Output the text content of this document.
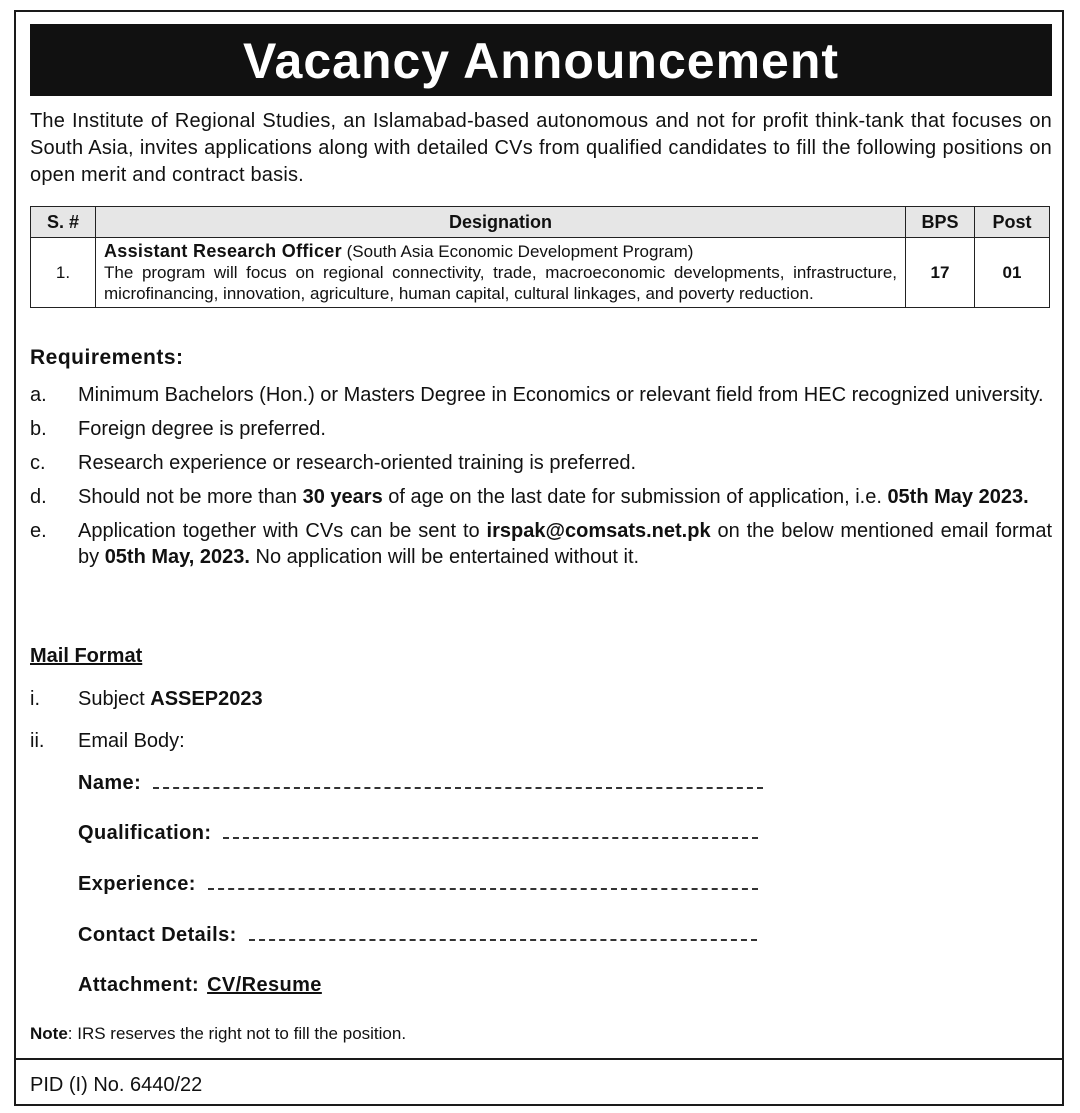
Vacancy Announcement
The Institute of Regional Studies, an Islamabad-based autonomous and not for profit think-tank that focuses on South Asia, invites applications along with detailed CVs from qualified candidates to fill the following positions on open merit and contract basis.
S. #	Designation	BPS	Post
1.	Assistant Research Officer (South Asia Economic Development Program)
The program will focus on regional connectivity, trade, macroeconomic developments, infrastructure, microfinancing, innovation, agriculture, human capital, cultural linkages, and poverty reduction.	17	01
Requirements:
a.	Minimum Bachelors (Hon.) or Masters Degree in Economics or relevant field from HEC recognized university.
b.	Foreign degree is preferred.
c.	Research experience or research-oriented training is preferred.
d.	Should not be more than 30 years of age on the last date for submission of application, i.e. 05th May 2023.
e.	Application together with CVs can be sent to irspak@comsats.net.pk on the below mentioned email format by 05th May, 2023. No application will be entertained without it.
Mail Format
i.	Subject ASSEP2023
ii.	Email Body:
Name:
Qualification:
Experience:
Contact Details:
Attachment: CV/Resume
Note: IRS reserves the right not to fill the position.
PID (I) No. 6440/22
